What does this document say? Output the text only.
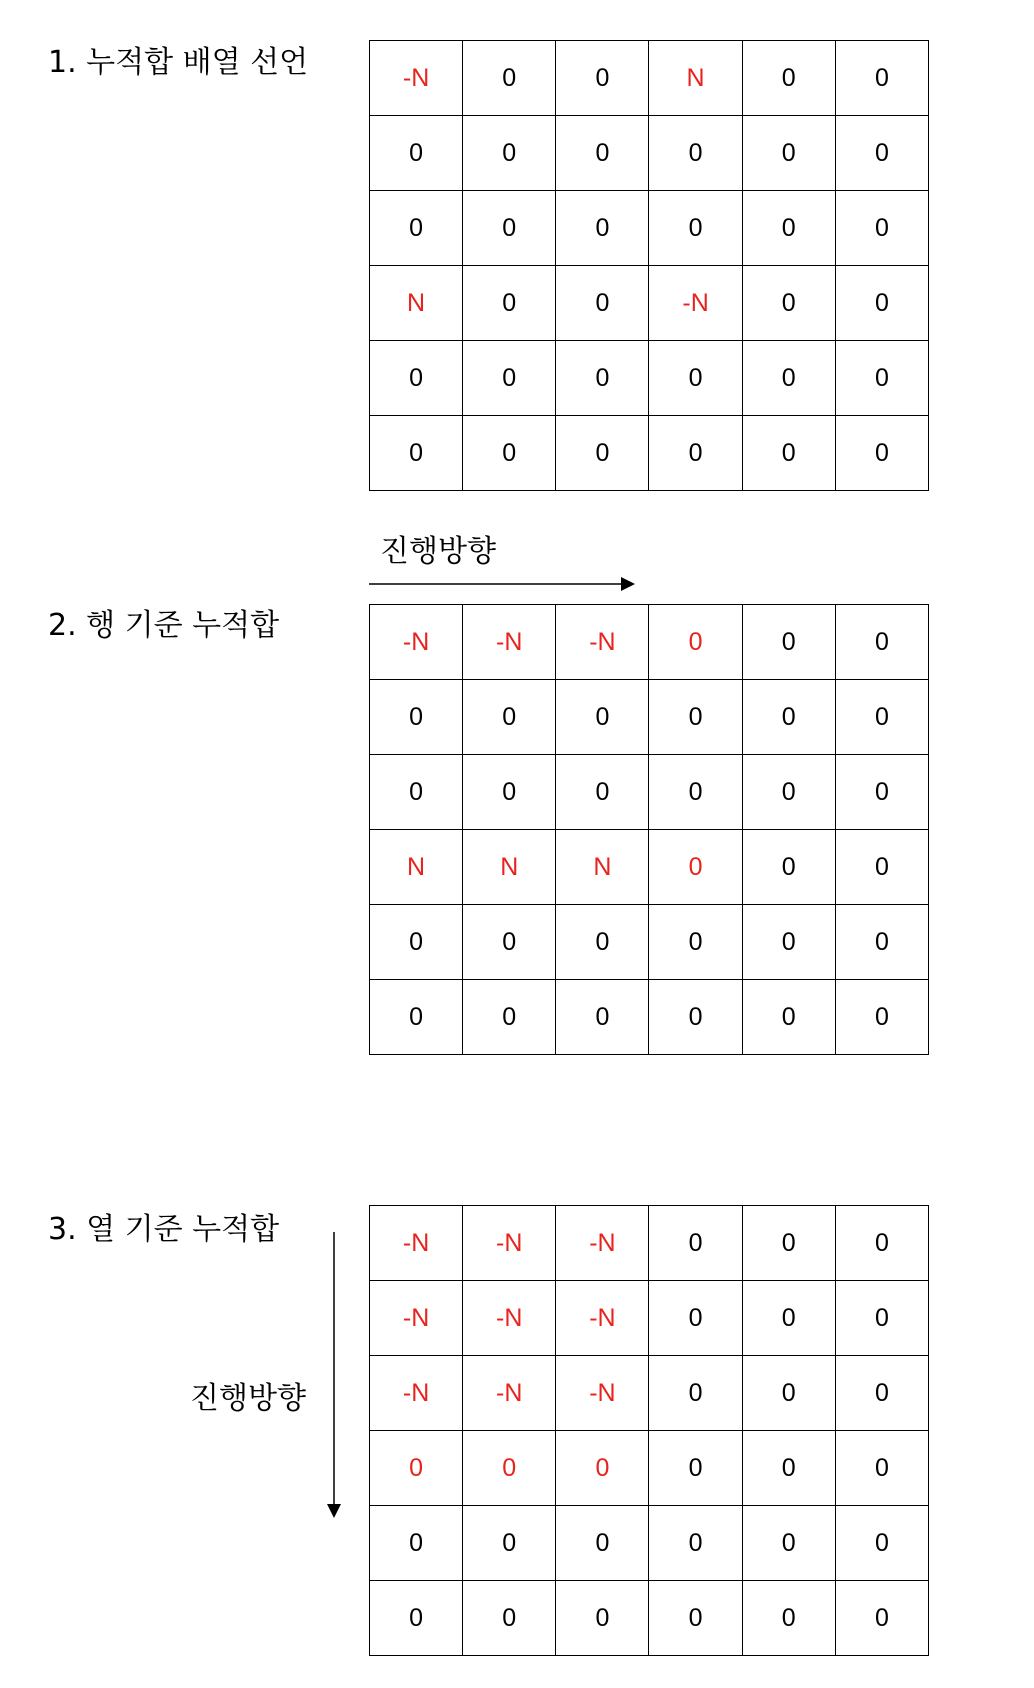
1. 누적합 배열 선언	-N	0	0	N	0	0
0	0	0	0	0	0
0	0	0	0	0	0
N	0	0	-N	0	0
0	0	0	0	0	0
0	0	0	0	0	0
진행방향
2. 행 기준 누적합	-N	-N	-N	0	0	0
0	0	0	0	0	0
0	0	0	0	0	0
N	N	N	0	0	0
0	0	0	0	0	0
0	0	0	0	0	0
3. 열 기준 누적합
진행방향
-N	-N	-N	0	0	0
-N	-N	-N	0	0	0
-N	-N	-N	0	0	0
0	0	0	0	0	0
0	0	0	0	0	0
0	0	0	0	0	0
